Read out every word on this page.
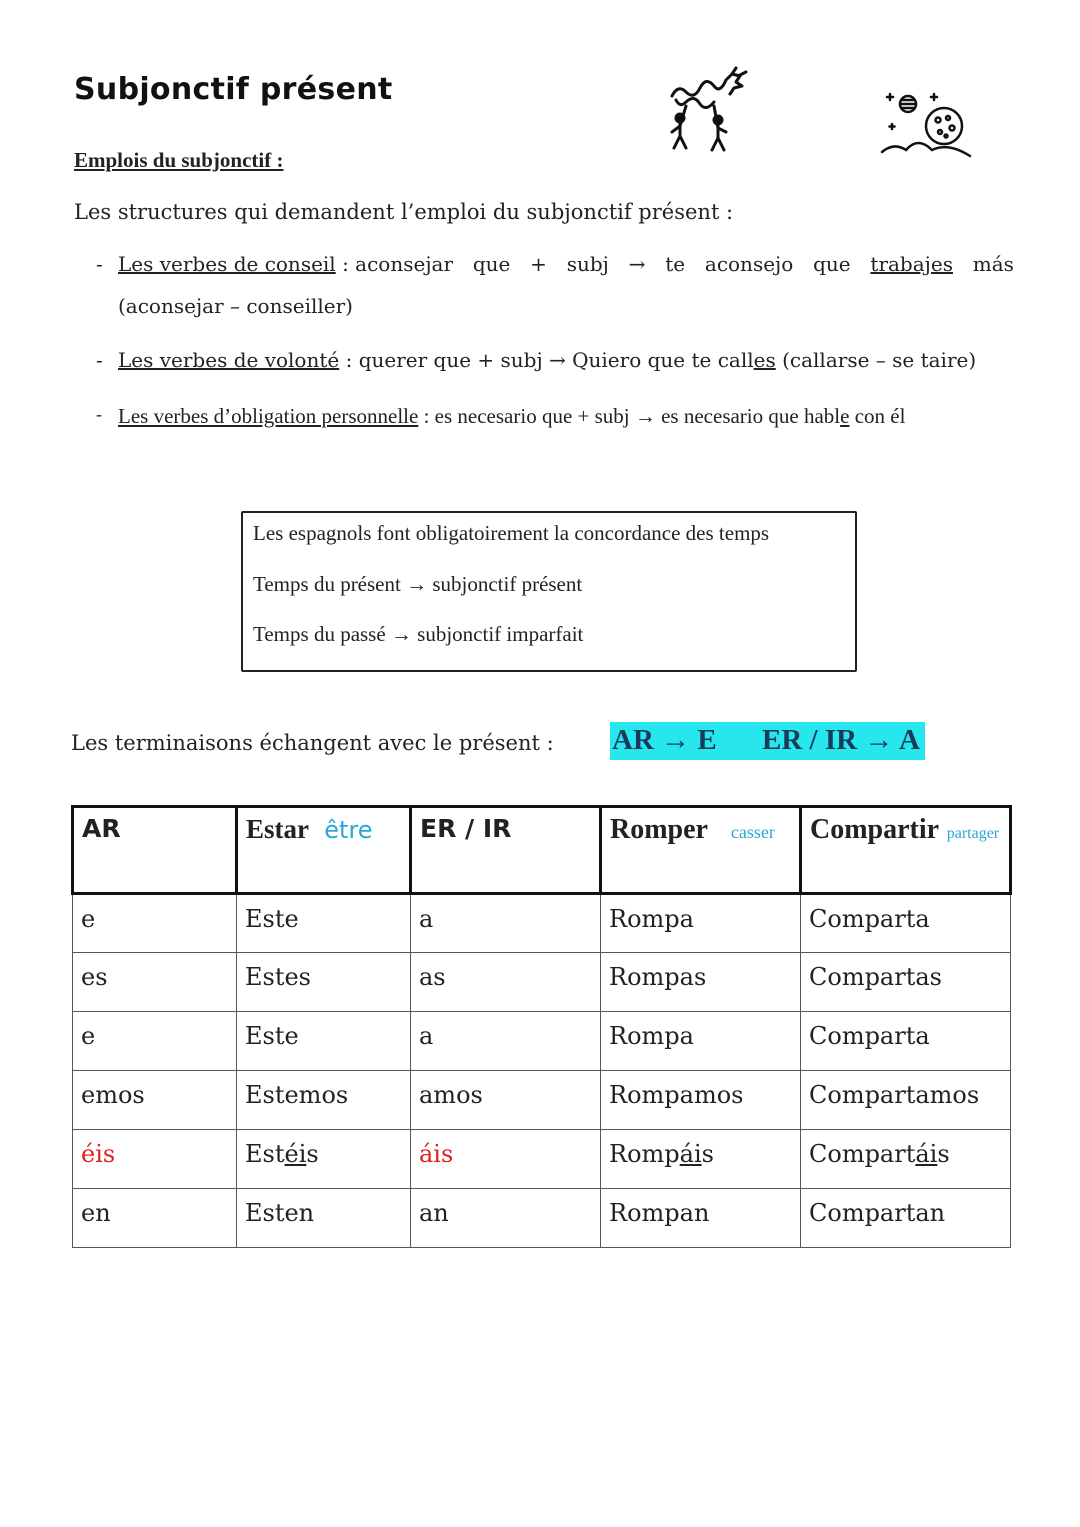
Subjonctif présent
Emplois du subjonctif :
Les structures qui demandent l’emploi du subjonctif présent :
- Les verbes de conseil : aconsejar que + subj → te aconsejo que trabajes más
(aconsejar – conseiller)
- Les verbes de volonté : querer que + subj → Quiero que te calles (callarse – se taire)
- Les verbes d’obligation personnelle : es necesario que + subj → es necesario que hable con él
Les espagnols font obligatoirement la concordance des temps
Temps du présent → subjonctif présent
Temps du passé → subjonctif imparfait
Les terminaisons échangent avec le présent : AR → E ER / IR → A
AR	Estar être	ER / IR	Romper casser	Compartir partager
e	Este	a	Rompa	Comparta
es	Estes	as	Rompas	Compartas
e	Este	a	Rompa	Comparta
emos	Estemos	amos	Rompamos	Compartamos
éis	Estéis	áis	Rompáis	Compartáis
en	Esten	an	Rompan	Compartan
